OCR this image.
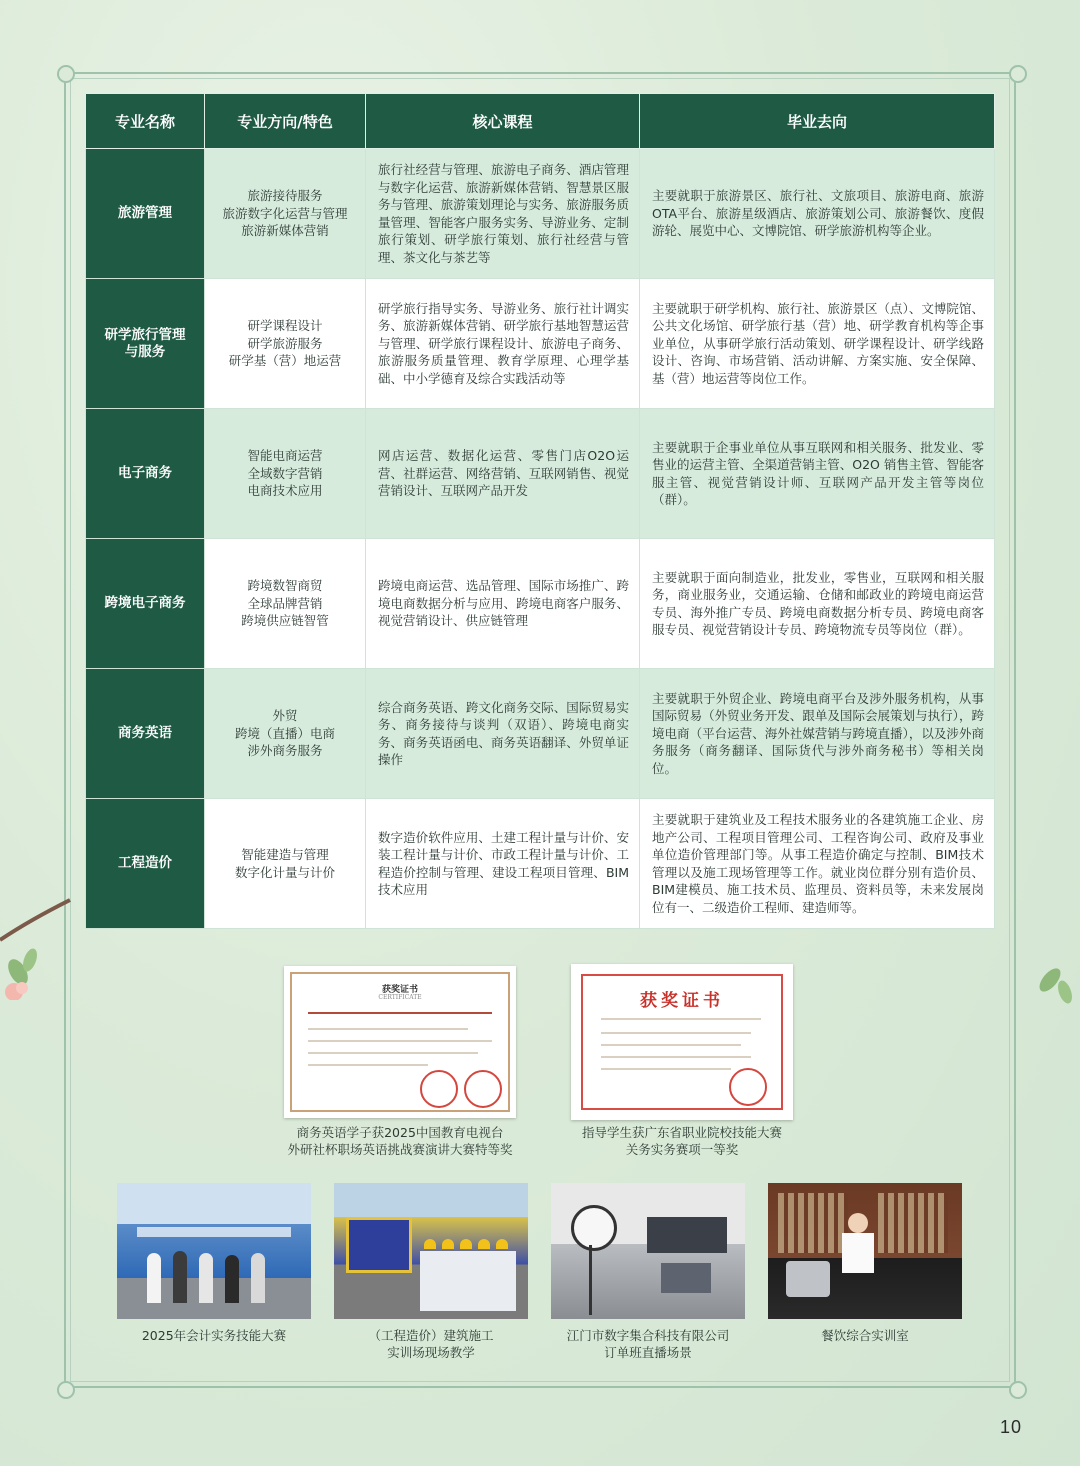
专业名称	专业方向/特色	核心课程	毕业去向

旅游管理	旅游接待服务
旅游数字化运营与管理
旅游新媒体营销	旅行社经营与管理、旅游电子商务、酒店管理与数字化运营、旅游新媒体营销、智慧景区服务与管理、旅游策划理论与实务、旅游服务质量管理、智能客户服务实务、导游业务、定制旅行策划、研学旅行策划、旅行社经营与管理、茶文化与茶艺等	主要就职于旅游景区、旅行社、文旅项目、旅游电商、旅游OTA平台、旅游星级酒店、旅游策划公司、旅游餐饮、度假游轮、展览中心、文博院馆、研学旅游机构等企业。

研学旅行管理
与服务	研学课程设计
研学旅游服务
研学基（营）地运营	研学旅行指导实务、导游业务、旅行社计调实务、旅游新媒体营销、研学旅行基地智慧运营与管理、研学旅行课程设计、旅游电子商务、旅游服务质量管理、教育学原理、心理学基础、中小学德育及综合实践活动等	主要就职于研学机构、旅行社、旅游景区（点）、文博院馆、公共文化场馆、研学旅行基（营）地、研学教育机构等企事业单位，从事研学旅行活动策划、研学课程设计、研学线路设计、咨询、市场营销、活动讲解、方案实施、安全保障、基（营）地运营等岗位工作。

电子商务	智能电商运营
全域数字营销
电商技术应用	网店运营、数据化运营、零售门店O2O运营、社群运营、网络营销、互联网销售、视觉营销设计、互联网产品开发	主要就职于企事业单位从事互联网和相关服务、批发业、零售业的运营主管、全渠道营销主管、O2O 销售主管、智能客服主管、视觉营销设计师、互联网产品开发主管等岗位（群）。

跨境电子商务	跨境数智商贸
全球品牌营销
跨境供应链智管	跨境电商运营、选品管理、国际市场推广、跨境电商数据分析与应用、跨境电商客户服务、视觉营销设计、供应链管理	主要就职于面向制造业，批发业，零售业，互联网和相关服务，商业服务业，交通运输、仓储和邮政业的跨境电商运营专员、海外推广专员、跨境电商数据分析专员、跨境电商客服专员、视觉营销设计专员、跨境物流专员等岗位（群）。

商务英语	外贸
跨境（直播）电商
涉外商务服务	综合商务英语、跨文化商务交际、国际贸易实务、商务接待与谈判（双语）、跨境电商实务、商务英语函电、商务英语翻译、外贸单证操作	主要就职于外贸企业、跨境电商平台及涉外服务机构，从事国际贸易（外贸业务开发、跟单及国际会展策划与执行），跨境电商（平台运营、海外社媒营销与跨境直播），以及涉外商务服务（商务翻译、国际货代与涉外商务秘书）等相关岗位。

工程造价	智能建造与管理
数字化计量与计价	数字造价软件应用、土建工程计量与计价、安装工程计量与计价、市政工程计量与计价、工程造价控制与管理、建设工程项目管理、BIM技术应用	主要就职于建筑业及工程技术服务业的各建筑施工企业、房地产公司、工程项目管理公司、工程咨询公司、政府及事业单位造价管理部门等。从事工程造价确定与控制、BIM技术管理以及施工现场管理等工作。就业岗位群分别有造价员、BIM建模员、施工技术员、监理员、资料员等，未来发展岗位有一、二级造价工程师、建造师等。
获奖证书
CERTIFICATE
商务英语学子获2025中国教育电视台
外研社杯职场英语挑战赛演讲大赛特等奖
获奖证书
指导学生获广东省职业院校技能大赛
关务实务赛项一等奖
2025年会计实务技能大赛	（工程造价）建筑施工
实训场现场教学
江门市数字集合科技有限公司
订单班直播场景
餐饮综合实训室
10
